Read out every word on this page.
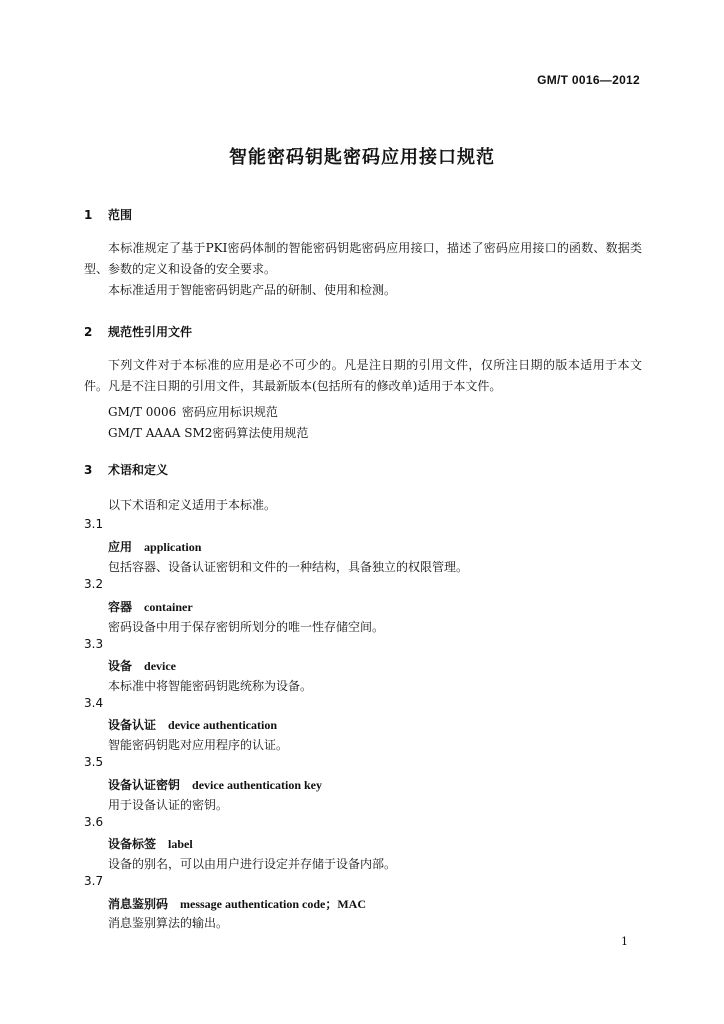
GM/T 0016—2012
智能密码钥匙密码应用接口规范
1 范围
本标准规定了基于PKI密码体制的智能密码钥匙密码应用接口，描述了密码应用接口的函数、数据类型、参数的定义和设备的安全要求。
本标准适用于智能密码钥匙产品的研制、使用和检测。
2 规范性引用文件
下列文件对于本标准的应用是必不可少的。凡是注日期的引用文件，仅所注日期的版本适用于本文件。凡是不注日期的引用文件，其最新版本(包括所有的修改单)适用于本文件。
GM/T 0006 密码应用标识规范
GM/T AAAA SM2密码算法使用规范
3 术语和定义
以下术语和定义适用于本标准。
3.1
应用 application
包括容器、设备认证密钥和文件的一种结构，具备独立的权限管理。
3.2
容器 container
密码设备中用于保存密钥所划分的唯一性存储空间。
3.3
设备 device
本标准中将智能密码钥匙统称为设备。
3.4
设备认证 device authentication
智能密码钥匙对应用程序的认证。
3.5
设备认证密钥 device authentication key
用于设备认证的密钥。
3.6
设备标签 label
设备的别名，可以由用户进行设定并存储于设备内部。
3.7
消息鉴别码 message authentication code；MAC
消息鉴别算法的输出。
1
